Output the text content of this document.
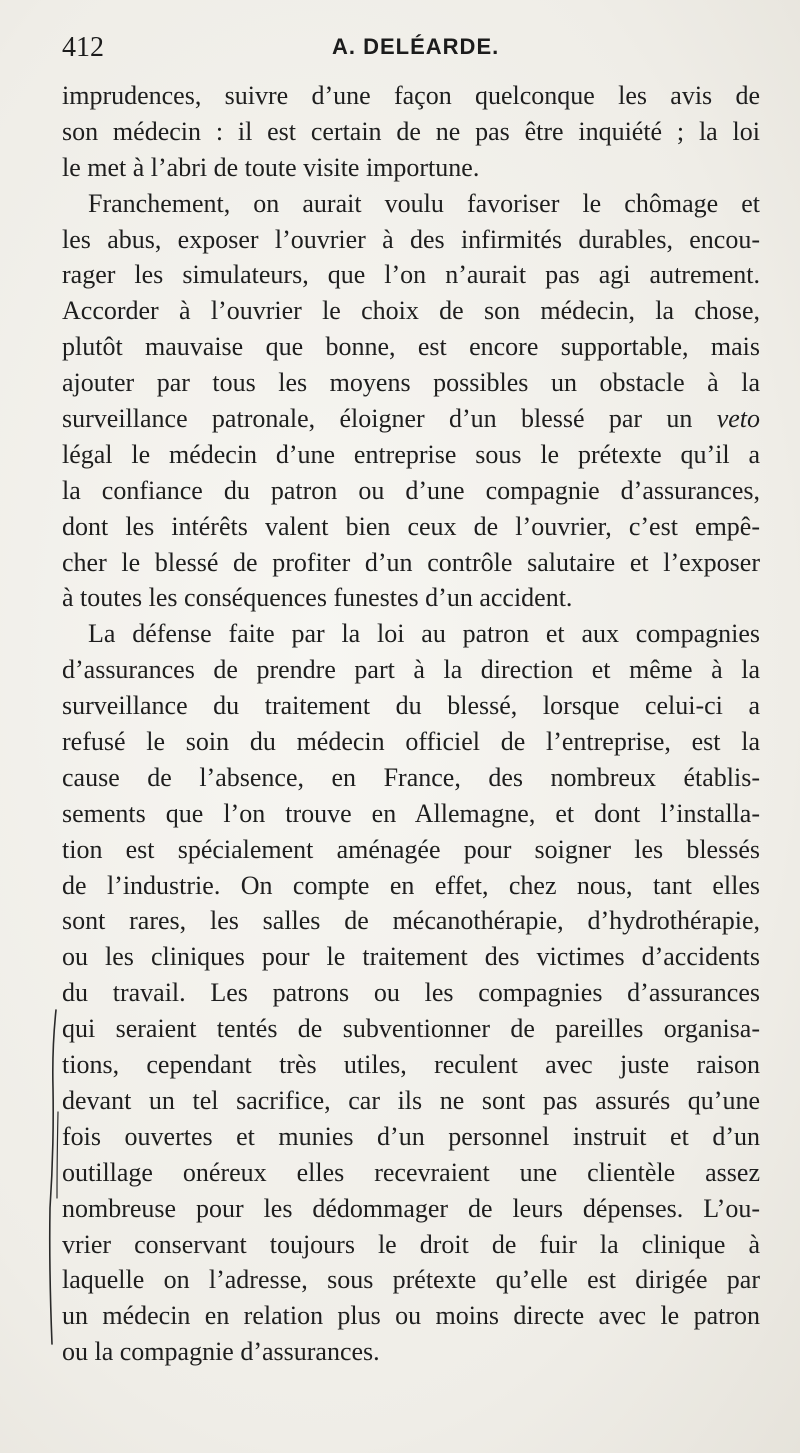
412	A. DELÉARDE.
imprudences, suivre d’une façon quelconque les avis de
son médecin : il est certain de ne pas être inquiété ; la loi
le met à l’abri de toute visite importune.
Franchement, on aurait voulu favoriser le chômage et
les abus, exposer l’ouvrier à des infirmités durables, encou-
rager les simulateurs, que l’on n’aurait pas agi autrement.
Accorder à l’ouvrier le choix de son médecin, la chose,
plutôt mauvaise que bonne, est encore supportable, mais
ajouter par tous les moyens possibles un obstacle à la
surveillance patronale, éloigner d’un blessé par un veto
légal le médecin d’une entreprise sous le prétexte qu’il a
la confiance du patron ou d’une compagnie d’assurances,
dont les intérêts valent bien ceux de l’ouvrier, c’est empê-
cher le blessé de profiter d’un contrôle salutaire et l’exposer
à toutes les conséquences funestes d’un accident.
La défense faite par la loi au patron et aux compagnies
d’assurances de prendre part à la direction et même à la
surveillance du traitement du blessé, lorsque celui-ci a
refusé le soin du médecin officiel de l’entreprise, est la
cause de l’absence, en France, des nombreux établis-
sements que l’on trouve en Allemagne, et dont l’installa-
tion est spécialement aménagée pour soigner les blessés
de l’industrie. On compte en effet, chez nous, tant elles
sont rares, les salles de mécanothérapie, d’hydrothérapie,
ou les cliniques pour le traitement des victimes d’accidents
du travail. Les patrons ou les compagnies d’assurances
qui seraient tentés de subventionner de pareilles organisa-
tions, cependant très utiles, reculent avec juste raison
devant un tel sacrifice, car ils ne sont pas assurés qu’une
fois ouvertes et munies d’un personnel instruit et d’un
outillage onéreux elles recevraient une clientèle assez
nombreuse pour les dédommager de leurs dépenses. L’ou-
vrier conservant toujours le droit de fuir la clinique à
laquelle on l’adresse, sous prétexte qu’elle est dirigée par
un médecin en relation plus ou moins directe avec le patron
ou la compagnie d’assurances.
